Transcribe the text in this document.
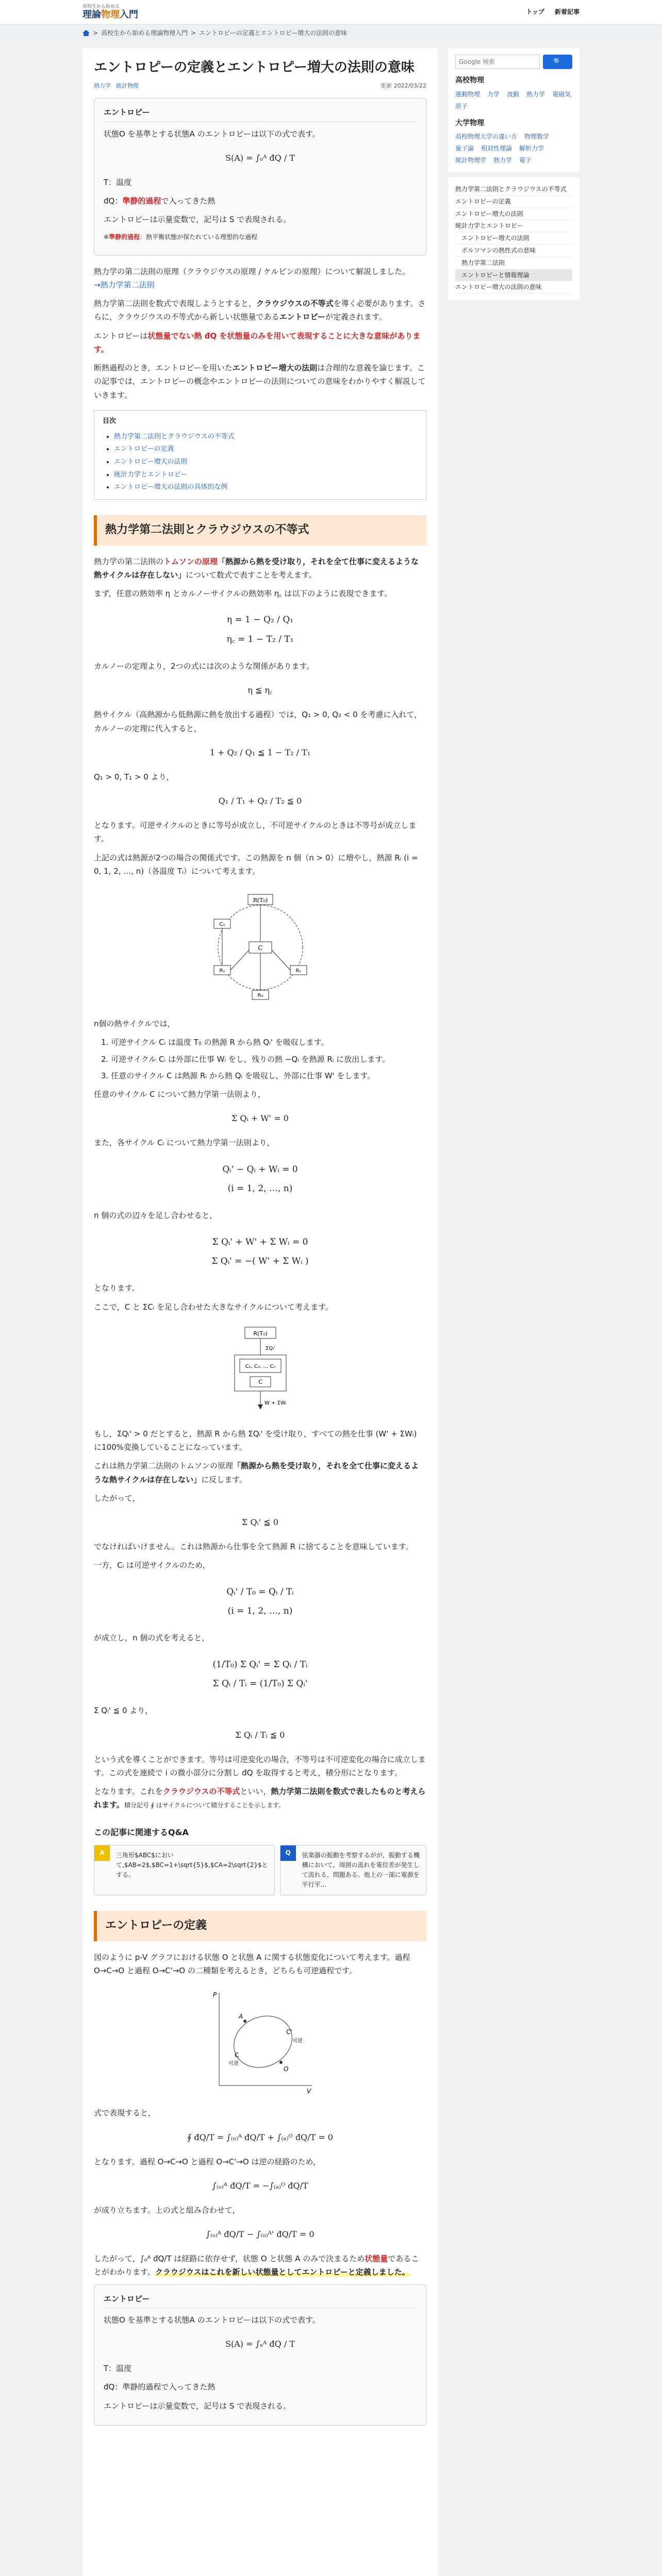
高校生から始める
理論物理入門	トップ 新着記事
> 高校生から始める理論物理入門 > エントロピーの定義とエントロピー増大の法則の意味
エントロピーの定義とエントロピー増大の法則の意味
熱力学 統計物理	更新 2022/03/22
エントロピー

状態O を基準とする状態A のエントロピーは以下の式で表す。

S(A) = ∫ₒᴬ đQ / T

T：温度

đQ：準静的過程で入ってきた熱

エントロピーは示量変数で，記号は S で表現される。

※準静的過程：熱平衡状態が保たれている理想的な過程

熱力学の第二法則の原理（クラウジウスの原理 / ケルビンの原理）について解説しました。
→熱力学第二法則

熱力学第二法則を数式で表現しようとすると，クラウジウスの不等式を導く必要があります。さらに，クラウジウスの不等式から新しい状態量であるエントロピーが定義されます。

エントロピーは状態量でない熱 đQ を状態量のみを用いて表現することに大きな意味があります。

断熱過程のとき，エントロピーを用いたエントロピー増大の法則は合理的な意義を論じます。この記事では，エントロピーの概念やエントロピーの法則についての意味をわかりやすく解説していきます。

目次
• 熱力学第二法則とクラウジウスの不等式
• エントロピーの定義
• エントロピー増大の法則
• 統計力学とエントロピー
• エントロピー増大の法則の具体的な例
熱力学第二法則とクラウジウスの不等式

熱力学の第二法則のトムソンの原理「熱源から熱を受け取り，それを全て仕事に変えるような熱サイクルは存在しない」について数式で表すことを考えます。

まず，任意の熱効率 η とカルノーサイクルの熱効率 η꜀ は以下のように表現できます。

η = 1 − Q₂ / Q₁
η꜀ = 1 − T₂ / T₁

カルノーの定理より，2つの式には次のような関係があります。

η ≦ η꜀

熱サイクル（高熱源から低熱源に熱を放出する過程）では，Q₁ > 0, Q₂ < 0 を考慮に入れて，カルノーの定理に代入すると，

1 + Q₂ / Q₁ ≦ 1 − T₂ / T₁

Q₁ > 0, T₁ > 0 より，

Q₁ / T₁ + Q₂ / T₂ ≦ 0

となります。可逆サイクルのときに等号が成立し，不可逆サイクルのときは不等号が成立します。

上記の式は熱源が2つの場合の関係式です。この熱源を n 個（n > 0）に増やし，熱源 Rᵢ (i = 0, 1, 2, …, n)（各温度 Tᵢ）について考えます。

R(T₀)
C
C₁
R₁
R₂
Rₙ

n個の熱サイクルでは，

1. 可逆サイクル Cᵢ は温度 T₀ の熱源 R から熱 Qᵢ' を吸収します。
2. 可逆サイクル Cᵢ は外部に仕事 Wᵢ をし，残りの熱 −Qᵢ を熱源 Rᵢ に放出します。
3. 任意のサイクル C は熱源 Rᵢ から熱 Qᵢ を吸収し，外部に仕事 W' をします。

任意のサイクル C について熱力学第一法則より，

Σ Qᵢ + W' = 0

また，各サイクル Cᵢ について熱力学第一法則より，

Qᵢ' − Qᵢ + Wᵢ = 0
(i = 1, 2, …, n)

n 個の式の辺々を足し合わせると，

Σ Qᵢ' + W' + Σ Wᵢ = 0
Σ Qᵢ' = −( W' + Σ Wᵢ )

となります。

ここで，C と ΣCᵢ を足し合わせた大きなサイクルについて考えます。

R(T₀)
ΣQᵢ'
C₁, C₂, … Cₙ
C
W + ΣWᵢ

もし，ΣQᵢ' > 0 だとすると，熱源 R から熱 ΣQᵢ' を受け取り，すべての熱を仕事 (W' + ΣWᵢ) に100%変換していることになっています。

これは熱力学第二法則のトムソンの原理「熱源から熱を受け取り，それを全て仕事に変えるような熱サイクルは存在しない」に反します。

したがって，

Σ Qᵢ' ≦ 0

でなければいけません。これは熱源から仕事を全て熱源 R に捨てることを意味しています。

一方，Cᵢ は可逆サイクルのため，

Qᵢ' / T₀ = Qᵢ / Tᵢ
(i = 1, 2, …, n)

が成立し，n 個の式を考えると，

(1/T₀) Σ Qᵢ' = Σ Qᵢ / Tᵢ
Σ Qᵢ / Tᵢ = (1/T₀) Σ Qᵢ'

Σ Qᵢ' ≦ 0 より，

Σ Qᵢ / Tᵢ ≦ 0

という式を導くことができます。等号は可逆変化の場合，不等号は不可逆変化の場合に成立します。この式を連続で i の微小部分に分割し đQ を取得すると考え，積分形にとなります。

となります。これをクラウジウスの不等式といい，熱力学第二法則を数式で表したものと考えられます。積分記号 ∮ はサイクルについて積分することを示します。

この記事に関連するQ&A
A	三角形$ABC$において,$AB=2$,$BC=1+\sqrt{5}$,$CA=2\sqrt{2}$とする。
Q	弦楽器の振動を考察するがが，振動する機構において，周囲の流れを電位差が発生して流れる，問題ある。他上の一部に電源を平行平...
エントロピーの定義

図のように p-V グラフにおける状態 O と状態 A に関する状態変化について考えます。過程 O→C→O と過程 O→C'→O の二種類を考えるとき，どちらも可逆過程です。

P
V
A
O
C
C'
可逆
可逆

式で表現すると，

∮ đQ/T = ∫₍ₒ₎ᴬ đQ/T + ∫₍ₐ₎ᴼ đQ/T = 0

となります。過程 O→C→O と過程 O→C'→O は逆の経路のため，

∫₍ₒ₎ᴬ đQ/T = −∫₍ₐ₎ᴼ đQ/T

が成り立ちます。上の式と組み合わせて，

∫₍ₒ₎ᴬ đQ/T − ∫₍ₒ₎ᴬ' đQ/T = 0

したがって，∫ₒᴬ đQ/T は経路に依存せず，状態 O と状態 A のみで決まるため状態量であることがわかります。クラウジウスはこれを新しい状態量としてエントロピーと定義しました。

エントロピー

状態O を基準とする状態A のエントロピーは以下の式で表す。

S(A) = ∫ₒᴬ đQ / T

T：温度

đQ：準静的過程で入ってきた熱

エントロピーは示量変数で，記号は S で表現される。

Google 検索
🔍
高校物理
運動物理 力学 波動 熱力学 電磁気
原子
大学物理
高校物理大学の違い方 物理数学
量子論 相対性理論 解析力学
統計物理学 熱力学 電子
熱力学第二法則とクラウジウスの不等式
エントロピーの定義
エントロピー増大の法則
統計力学とエントロピー
エントロピー増大の法則
ボルツマンの熱性式の意味
熱力学第二法則
エントロピーと情報理論
エントロピー増大の法則の意味
